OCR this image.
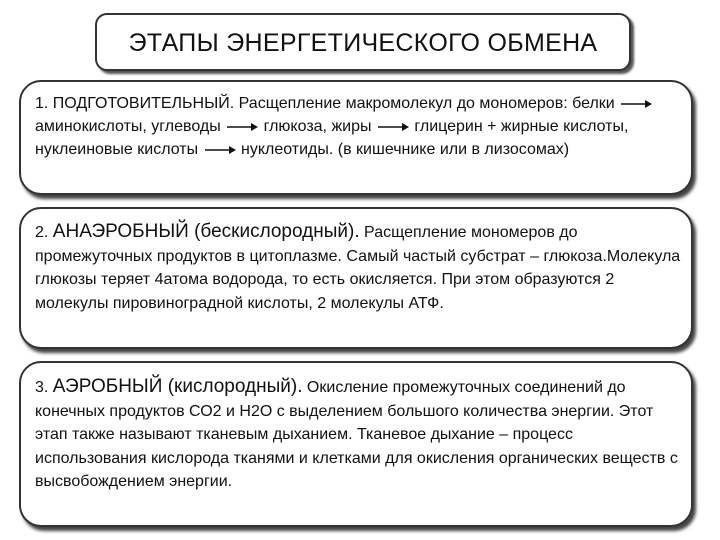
ЭТАПЫ ЭНЕРГЕТИЧЕСКОГО ОБМЕНА

1. ПОДГОТОВИТЕЛЬНЫЙ. Расщепление макромолекул до мономеров: белки
аминокислоты, углеводы
глюкоза, жиры
глицерин + жирные кислоты, нуклеиновые кислоты
нуклеотиды. (в кишечнике или в лизосомах)

2. АНАЭРОБНЫЙ (бескислородный). Расщепление мономеров до промежуточных продуктов в цитоплазме. Самый частый субстрат – глюкоза.Молекула глюкозы теряет 4атома водорода, то есть окисляется. При этом образуются 2 молекулы пировиноградной кислоты, 2 молекулы АТФ.

3. АЭРОБНЫЙ (кислородный). Окисление промежуточных соединений до конечных продуктов СО2 и Н2О с выделением большого количества энергии. Этот этап также называют тканевым дыханием. Тканевое дыхание – процесс использования кислорода тканями и клетками для окисления органических веществ с высвобождением энергии.
